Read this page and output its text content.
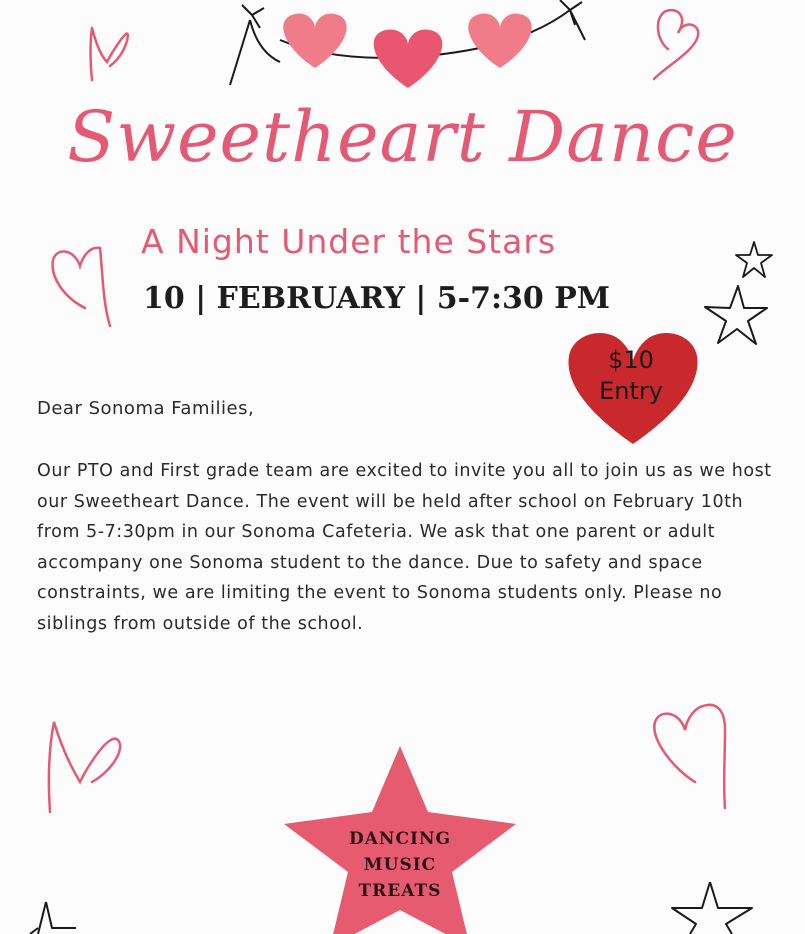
Sweetheart Dance
A Night Under the Stars
10 | FEBRUARY | 5-7:30 PM
$10
Entry
Dear Sonoma Families,

Our PTO and First grade team are excited to invite you all to join us as we host our Sweetheart Dance. The event will be held after school on February 10th from 5-7:30pm in our Sonoma Cafeteria. We ask that one parent or adult accompany one Sonoma student to the dance. Due to safety and space constraints, we are limiting the event to Sonoma students only. Please no siblings from outside of the school.

DANCING
MUSIC
TREATS
